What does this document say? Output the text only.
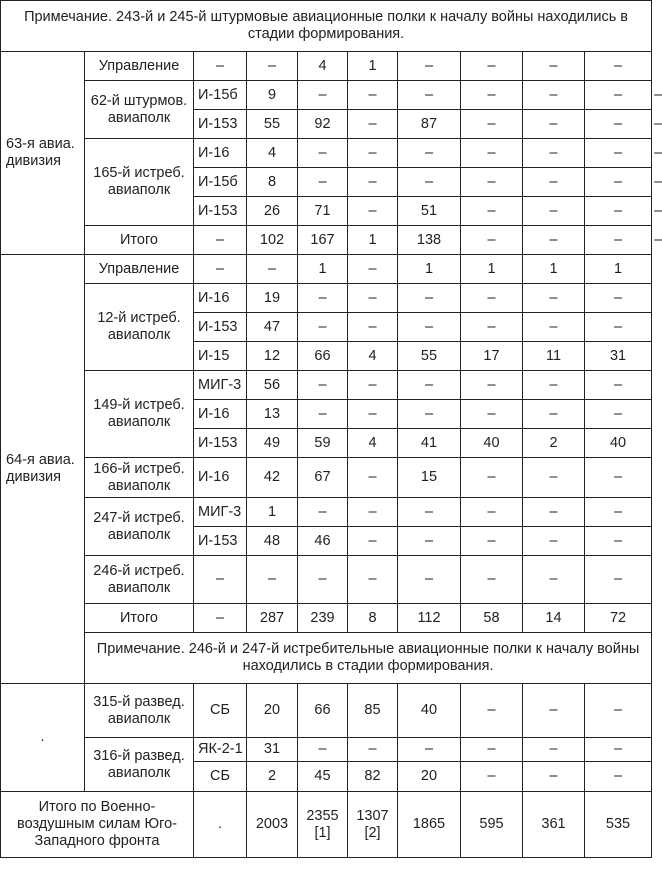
Примечание. 243-й и 245-й штурмовые авиационные полки к началу войны находились в стадии формирования.										
63-я авиа. дивизия	Управление	–	–	4	1	–	–	–	–	
	62-й штурмов. авиаполк	И-15б	9	–	–	–	–	–	–	–
		И-153	55	92	–	87	–	–	–	–
	165-й истреб. авиаполк	И-16	4	–	–	–	–	–	–	–
		И-15б	8	–	–	–	–	–	–	–
		И-153	26	71	–	51	–	–	–	–
	Итого	–	102	167	1	138	–	–	–	–
64-я авиа. дивизия	Управление	–	–	1	–	1	1	1	1	
	12-й истреб. авиаполк	И-16	19	–	–	–	–	–	–	
		И-153	47	–	–	–	–	–	–	
		И-15	12	66	4	55	17	11	31	
	149-й истреб. авиаполк	МИГ-3	56	–	–	–	–	–	–	
		И-16	13	–	–	–	–	–	–	
		И-153	49	59	4	41	40	2	40	
	166-й истреб. авиаполк	И-16	42	67	–	15	–	–	–	
	247-й истреб. авиаполк	МИГ-3	1	–	–	–	–	–	–	
		И-153	48	46	–	–	–	–	–	
	246-й истреб. авиаполк	–	–	–	–	–	–	–	–	
	Итого	–	287	239	8	112	58	14	72	
	Примечание. 246-й и 247-й истребительные авиационные полки к началу войны находились в стадии формирования.									
.	315-й развед. авиаполк	СБ	20	66	85	40	–	–	–	
	316-й развед. авиаполк	ЯК-2-1	31	–	–	–	–	–	–	
		СБ	2	45	82	20	–	–	–	
Итого по Военно-воздушным силам Юго-Западного фронта		.	2003	2355 [1]	1307 [2]	1865	595	361	535	
